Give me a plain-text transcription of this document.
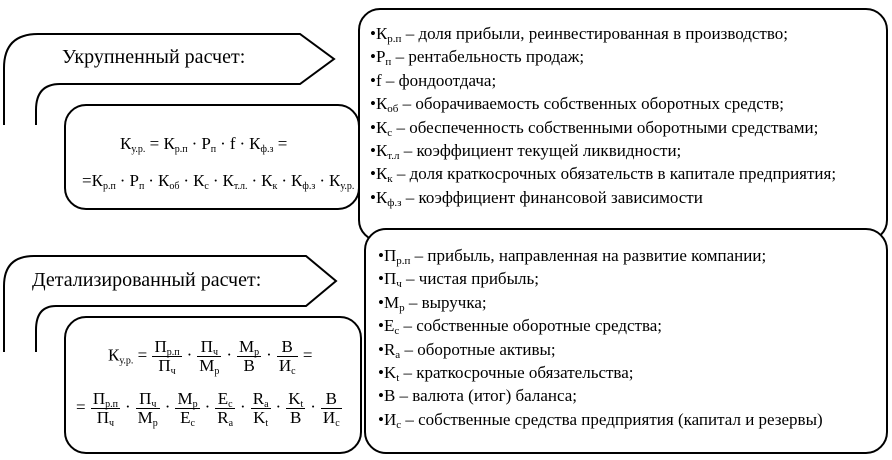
Укрупненный расчет:
$К_{у.р.} = К_{р.п} \cdot Р_п \cdot f \cdot К_{ф.з}$ =
$=К_{р.п} \cdot Р_п \cdot К_{об} \cdot К_с \cdot К_{т.л.} \cdot К_к \cdot К_{ф.з} \cdot К_{у.р.}$
$•К_{р.п}$ – доля прибыли, реинвестированная в производство;
$•Р_п$ – рентабельность продаж;
•f – фондоотдача;
$•К_{об}$ – оборачиваемость собственных оборотных средств;
$•К_с$ – обеспеченность собственными оборотными средствами;
$•К_{т.л}$ – коэффициент текущей ликвидности;
$•К_к$ – доля краткосрочных обязательств в капитале предприятия;
$•К_{ф.з}$ – коэффициент финансовой зависимости
Детализированный расчет:
$К_{у.р.} = \frac{П_{р.п}}{П_ч} \cdot \frac{П_ч}{М_р} \cdot \frac{М_р}{В} \cdot \frac{В}{И_с}$ =
= $\frac{П_{р.п}}{П_ч} \cdot \frac{П_ч}{М_р} \cdot \frac{М_р}{Е_с} \cdot \frac{Е_с}{R_a} \cdot \frac{R_a}{K_t} \cdot \frac{K_t}{В} \cdot \frac{В}{И_с}$
$•П_{р.п}$ – прибыль, направленная на развитие компании;
$•П_ч$ – чистая прибыль;
$•М_р$ – выручка;
$•Е_с$ – собственные оборотные средства;
$•R_a$ – оборотные активы;
$•K_t$ – краткосрочные обязательства;
•В – валюта (итог) баланса;
$•И_с$ – собственные средства предприятия (капитал и резервы)
